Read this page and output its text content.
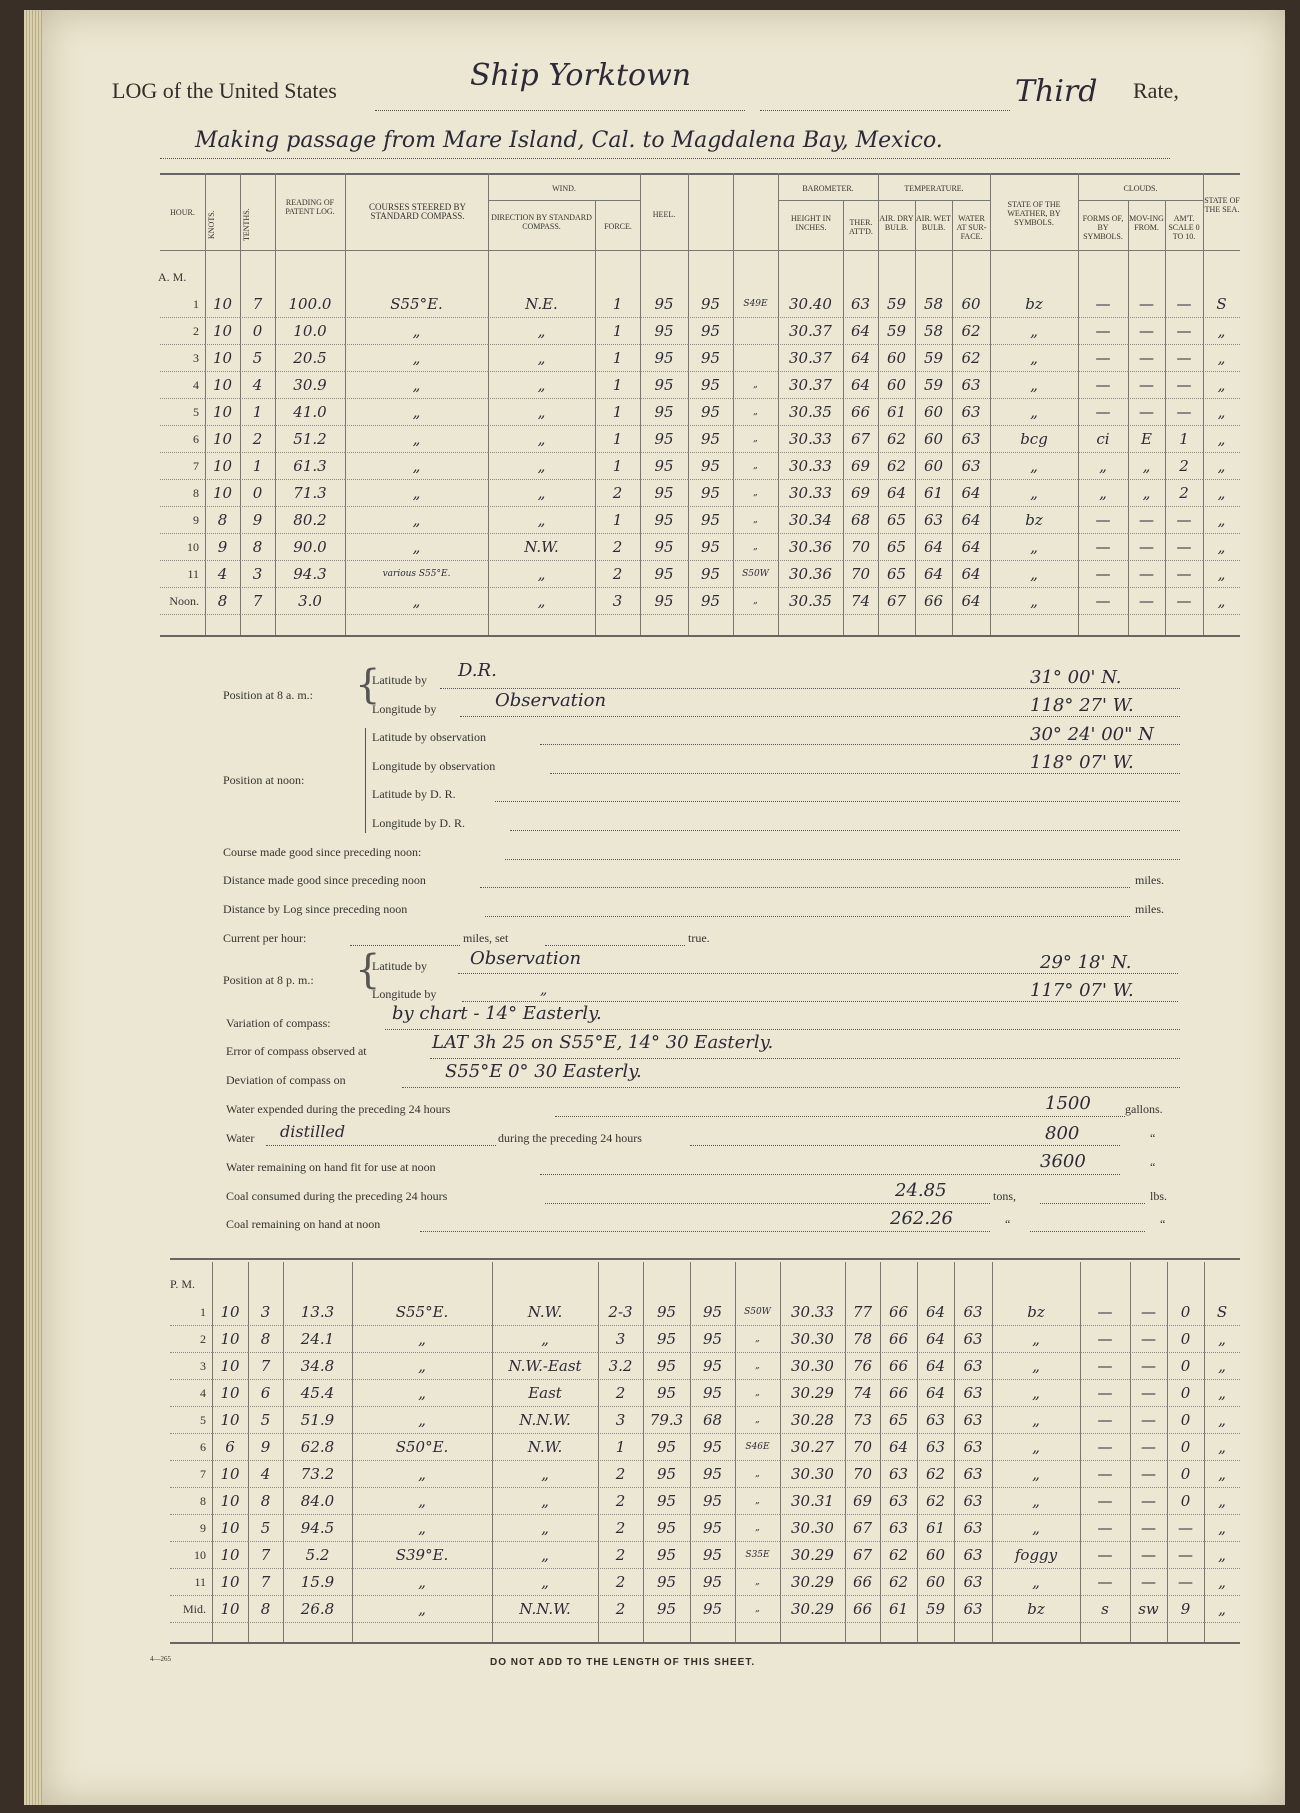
LOG of the United States	Ship Yorktown	Third Rate,
Making passage from Mare Island, Cal. to Magdalena Bay, Mexico.
HOUR.	KNOTS.	TENTHS.
READING OF PATENT LOG.	COURSES STEERED BY STANDARD COMPASS.
WIND.
DIRECTION BY STANDARD COMPASS.	FORCE.
HEEL.
BAROMETER.
HEIGHT IN INCHES.
THER. ATT'D.
TEMPERATURE.
AIR. DRY BULB.
AIR. WET BULB.
WATER AT SUR-FACE.
STATE OF THE WEATHER, BY SYMBOLS.
CLOUDS.
FORMS OF, BY SYMBOLS.
MOV-ING FROM.
AM'T. SCALE 0 TO 10.
STATE OF THE SEA.
A. M.
1	10	7	100.0	S55°E.	N.E.	1	95	95	S49E	30.40	63	59	58	60	bz	—	—	—	S
2	10	0	10.0	„	„	1	95	95		30.37	64	59	58	62	„	—	—	—	„
3	10	5	20.5	„	„	1	95	95		30.37	64	60	59	62	„	—	—	—	„
4	10	4	30.9	„	„	1	95	95	„	30.37	64	60	59	63	„	—	—	—	„
5	10	1	41.0	„	„	1	95	95	„	30.35	66	61	60	63	„	—	—	—	„
6	10	2	51.2	„	„	1	95	95	„	30.33	67	62	60	63	bcg	ci	E	1	„
7	10	1	61.3	„	„	1	95	95	„	30.33	69	62	60	63	„	„	„	2	„
8	10	0	71.3	„	„	2	95	95	„	30.33	69	64	61	64	„	„	„	2	„
9	8	9	80.2	„	„	1	95	95	„	30.34	68	65	63	64	bz	—	—	—	„
10	9	8	90.0	„	N.W.	2	95	95	„	30.36	70	65	64	64	„	—	—	—	„
11	4	3	94.3	various S55°E.	„	2	95	95	S50W	30.36	70	65	64	64	„	—	—	—	„
Noon.	8	7	3.0	„	„	3	95	95	„	30.35	74	67	66	64	„	—	—	—	„
Position at 8 a. m.: {
Latitude by D.R.	31° 00' N.
Longitude by	Observation	118° 27' W.
Position at noon:
Latitude by observation	30° 24' 00" N
Longitude by observation	118° 07' W.
Latitude by D. R.
Longitude by D. R.
Course made good since preceding noon:
Distance made good since preceding noon	miles.
Distance by Log since preceding noon	miles.
Current per hour:	miles, set	true.
Position at 8 p. m.: {
Latitude by Observation	29° 18' N.
Longitude by	„	117° 07' W.
Variation of compass:	by chart - 14° Easterly.
Error of compass observed at	LAT 3h 25 on S55°E, 14° 30 Easterly.
Deviation of compass on	S55°E 0° 30 Easterly.
Water expended during the preceding 24 hours	1500	gallons.
Water distilled	during the preceding 24 hours	800	“
Water remaining on hand fit for use at noon	3600	“
Coal consumed during the preceding 24 hours	24.85	tons,	lbs.
Coal remaining on hand at noon	262.26	“	“
P. M.
1	10	3	13.3	S55°E.	N.W.	2-3	95	95	S50W	30.33	77	66	64	63	bz	—	—	0	S
2	10	8	24.1	„	„	3	95	95	„	30.30	78	66	64	63	„	—	—	0	„
3	10	7	34.8	„	N.W.-East	3.2	95	95	„	30.30	76	66	64	63	„	—	—	0	„
4	10	6	45.4	„	East	2	95	95	„	30.29	74	66	64	63	„	—	—	0	„
5	10	5	51.9	„	N.N.W.	3	79.3	68	„	30.28	73	65	63	63	„	—	—	0	„
6	6	9	62.8	S50°E.	N.W.	1	95	95	S46E	30.27	70	64	63	63	„	—	—	0	„
7	10	4	73.2	„	„	2	95	95	„	30.30	70	63	62	63	„	—	—	0	„
8	10	8	84.0	„	„	2	95	95	„	30.31	69	63	62	63	„	—	—	0	„
9	10	5	94.5	„	„	2	95	95	„	30.30	67	63	61	63	„	—	—	—	„
10	10	7	5.2	S39°E.	„	2	95	95	S35E	30.29	67	62	60	63	foggy	—	—	—	„
11	10	7	15.9	„	„	2	95	95	„	30.29	66	62	60	63	„	—	—	—	„
Mid.	10	8	26.8	„	N.N.W.	2	95	95	„	30.29	66	61	59	63	bz	s	sw	9	„
4—265	DO NOT ADD TO THE LENGTH OF THIS SHEET.
